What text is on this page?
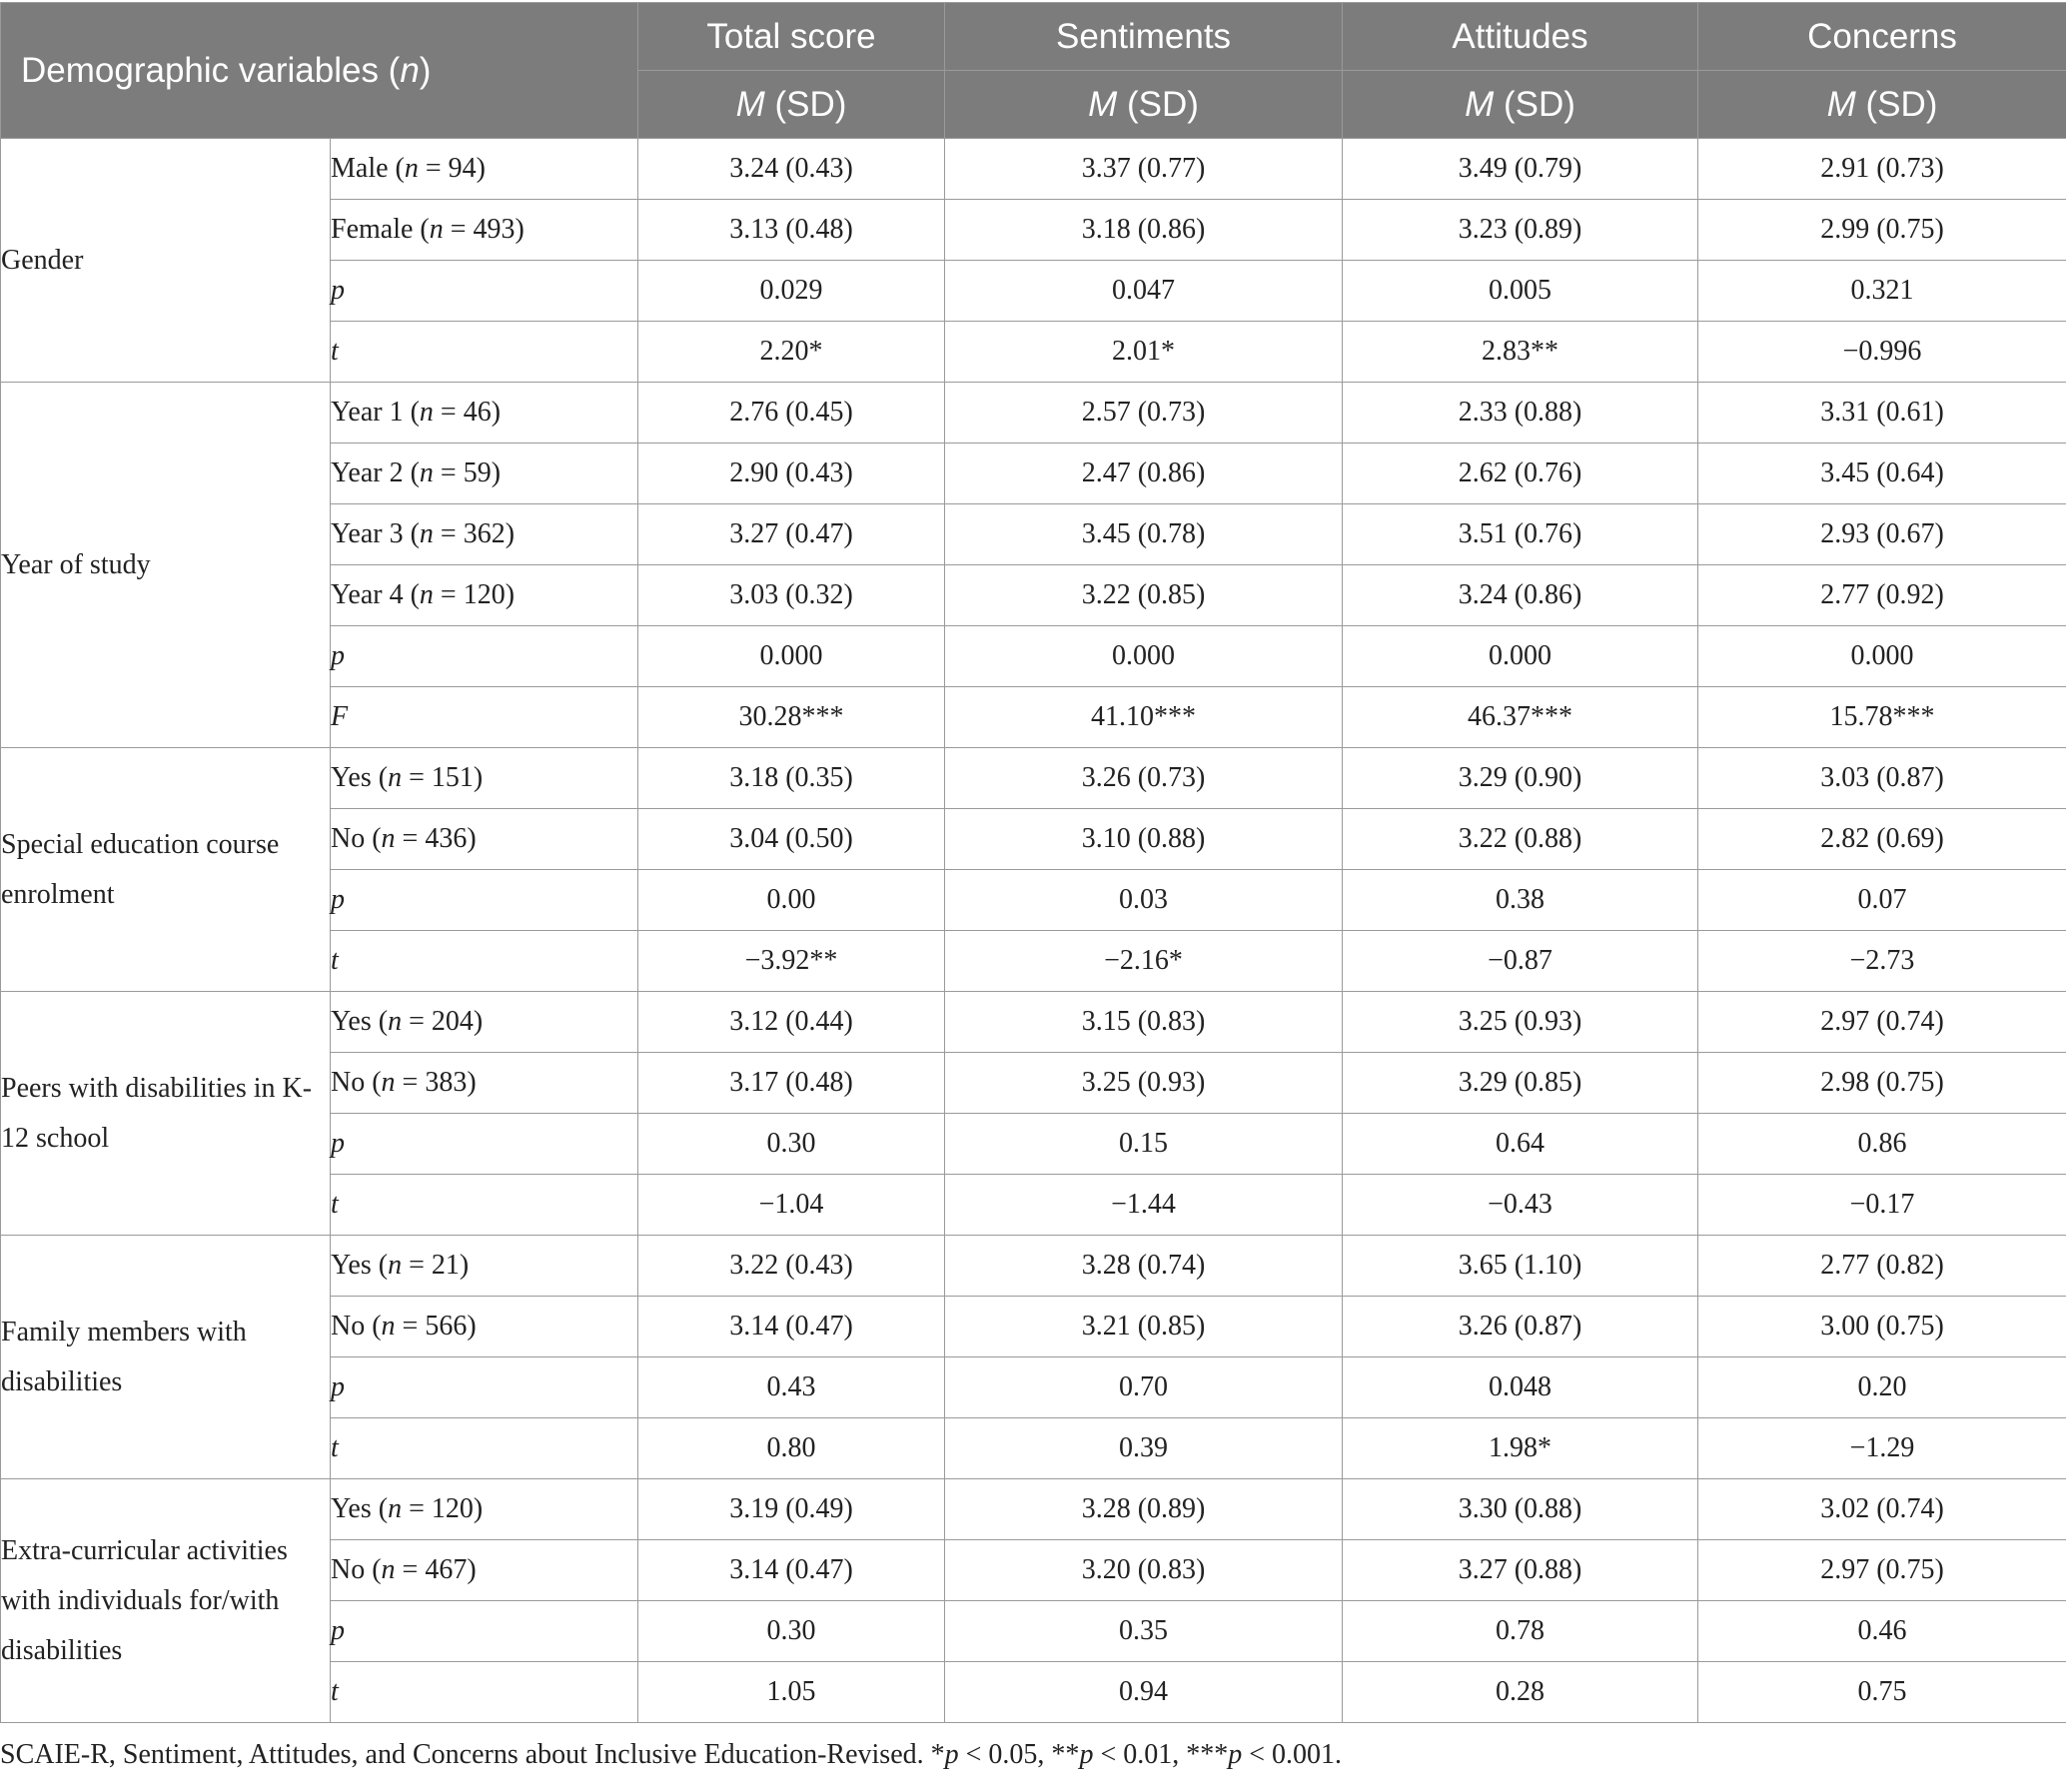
Demographic variables (n)		Total score	Sentiments	Attitudes	Concerns
		M (SD)	M (SD)	M (SD)	M (SD)
Gender	Male (n = 94)	3.24 (0.43)	3.37 (0.77)	3.49 (0.79)	2.91 (0.73)
	Female (n = 493)	3.13 (0.48)	3.18 (0.86)	3.23 (0.89)	2.99 (0.75)
	p	0.029	0.047	0.005	0.321
	t	2.20*	2.01*	2.83**	−0.996
Year of study	Year 1 (n = 46)	2.76 (0.45)	2.57 (0.73)	2.33 (0.88)	3.31 (0.61)
	Year 2 (n = 59)	2.90 (0.43)	2.47 (0.86)	2.62 (0.76)	3.45 (0.64)
	Year 3 (n = 362)	3.27 (0.47)	3.45 (0.78)	3.51 (0.76)	2.93 (0.67)
	Year 4 (n = 120)	3.03 (0.32)	3.22 (0.85)	3.24 (0.86)	2.77 (0.92)
	p	0.000	0.000	0.000	0.000
	F	30.28***	41.10***	46.37***	15.78***
Special education course enrolment	Yes (n = 151)	3.18 (0.35)	3.26 (0.73)	3.29 (0.90)	3.03 (0.87)
	No (n = 436)	3.04 (0.50)	3.10 (0.88)	3.22 (0.88)	2.82 (0.69)
	p	0.00	0.03	0.38	0.07
	t	−3.92**	−2.16*	−0.87	−2.73
Peers with disabilities in K-12 school	Yes (n = 204)	3.12 (0.44)	3.15 (0.83)	3.25 (0.93)	2.97 (0.74)
	No (n = 383)	3.17 (0.48)	3.25 (0.93)	3.29 (0.85)	2.98 (0.75)
	p	0.30	0.15	0.64	0.86
	t	−1.04	−1.44	−0.43	−0.17
Family members with disabilities	Yes (n = 21)	3.22 (0.43)	3.28 (0.74)	3.65 (1.10)	2.77 (0.82)
	No (n = 566)	3.14 (0.47)	3.21 (0.85)	3.26 (0.87)	3.00 (0.75)
	p	0.43	0.70	0.048	0.20
	t	0.80	0.39	1.98*	−1.29
Extra-curricular activities with individuals for/with disabilities	Yes (n = 120)	3.19 (0.49)	3.28 (0.89)	3.30 (0.88)	3.02 (0.74)
	No (n = 467)	3.14 (0.47)	3.20 (0.83)	3.27 (0.88)	2.97 (0.75)
	p	0.30	0.35	0.78	0.46
	t	1.05	0.94	0.28	0.75
SCAIE-R, Sentiment, Attitudes, and Concerns about Inclusive Education-Revised. *p < 0.05, **p < 0.01, ***p < 0.001.
